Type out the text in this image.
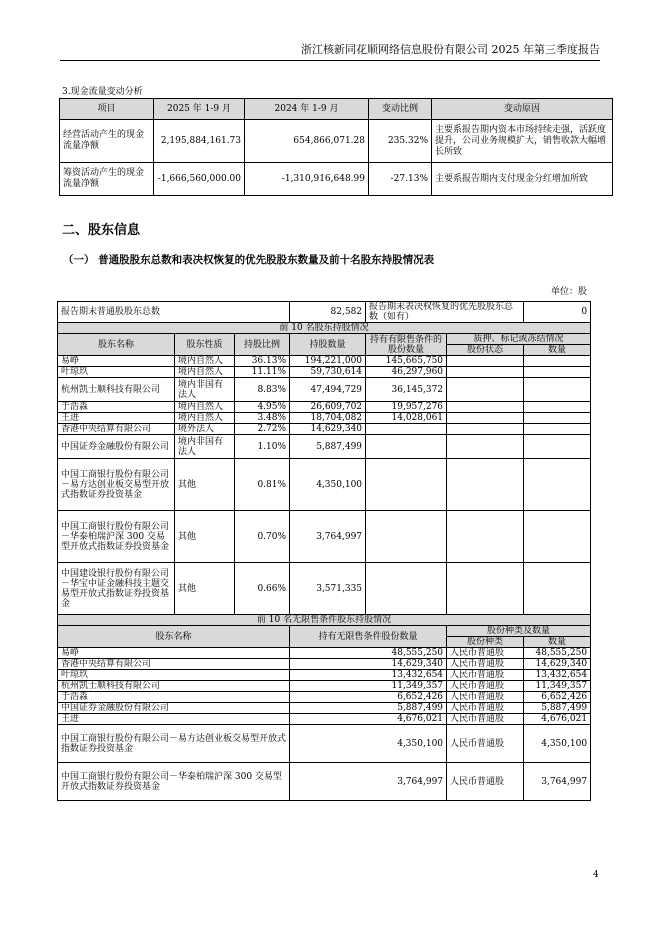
浙江核新同花顺网络信息股份有限公司 2025 年第三季度报告
3.现金流量变动分析
项目	2025 年 1-9 月	2024 年 1-9 月	变动比例	变动原因
经营活动产生的现金流量净额	2,195,884,161.73	654,866,071.28	235.32%	主要系报告期内资本市场持续走强，活跃度提升，公司业务规模扩大，销售收款大幅增长所致
筹资活动产生的现金流量净额	-1,666,560,000.00	-1,310,916,648.99	-27.13%	主要系报告期内支付现金分红增加所致
二、股东信息
（一） 普通股股东总数和表决权恢复的优先股股东数量及前十名股东持股情况表
单位：股
报告期末普通股股东总数			82,582	报告期末表决权恢复的优先股股东总数（如有）		0
前 10 名股东持股情况						
股东名称	股东性质	持股比例	持股数量	持有有限售条件的股份数量	质押、标记或冻结情况	
					股份状态	数量
易峥	境内自然人	36.13%	194,221,000	145,665,750		
叶琼玖	境内自然人	11.11%	59,730,614	46,297,960		
杭州凯士顺科技有限公司	境内非国有法人	8.83%	47,494,729	36,145,372		
于浩淼	境内自然人	4.95%	26,609,702	19,957,276		
王进	境内自然人	3.48%	18,704,082	14,028,061		
香港中央结算有限公司	境外法人	2.72%	14,629,340			
中国证券金融股份有限公司	境内非国有法人	1.10%	5,887,499			
中国工商银行股份有限公司－易方达创业板交易型开放式指数证券投资基金	其他	0.81%	4,350,100			
中国工商银行股份有限公司－华泰柏瑞沪深 300 交易型开放式指数证券投资基金	其他	0.70%	3,764,997			
中国建设银行股份有限公司－华宝中证金融科技主题交易型开放式指数证券投资基金	其他	0.66%	3,571,335			
前 10 名无限售条件股东持股情况						
股东名称			持有无限售条件股份数量		股份种类及数量	
					股份种类	数量
易峥			48,555,250		人民币普通股	48,555,250
香港中央结算有限公司			14,629,340		人民币普通股	14,629,340
叶琼玖			13,432,654		人民币普通股	13,432,654
杭州凯士顺科技有限公司			11,349,357		人民币普通股	11,349,357
于浩淼			6,652,426		人民币普通股	6,652,426
中国证券金融股份有限公司			5,887,499		人民币普通股	5,887,499
王进			4,676,021		人民币普通股	4,676,021
中国工商银行股份有限公司－易方达创业板交易型开放式指数证券投资基金			4,350,100		人民币普通股	4,350,100
中国工商银行股份有限公司－华泰柏瑞沪深 300 交易型开放式指数证券投资基金			3,764,997		人民币普通股	3,764,997
4
